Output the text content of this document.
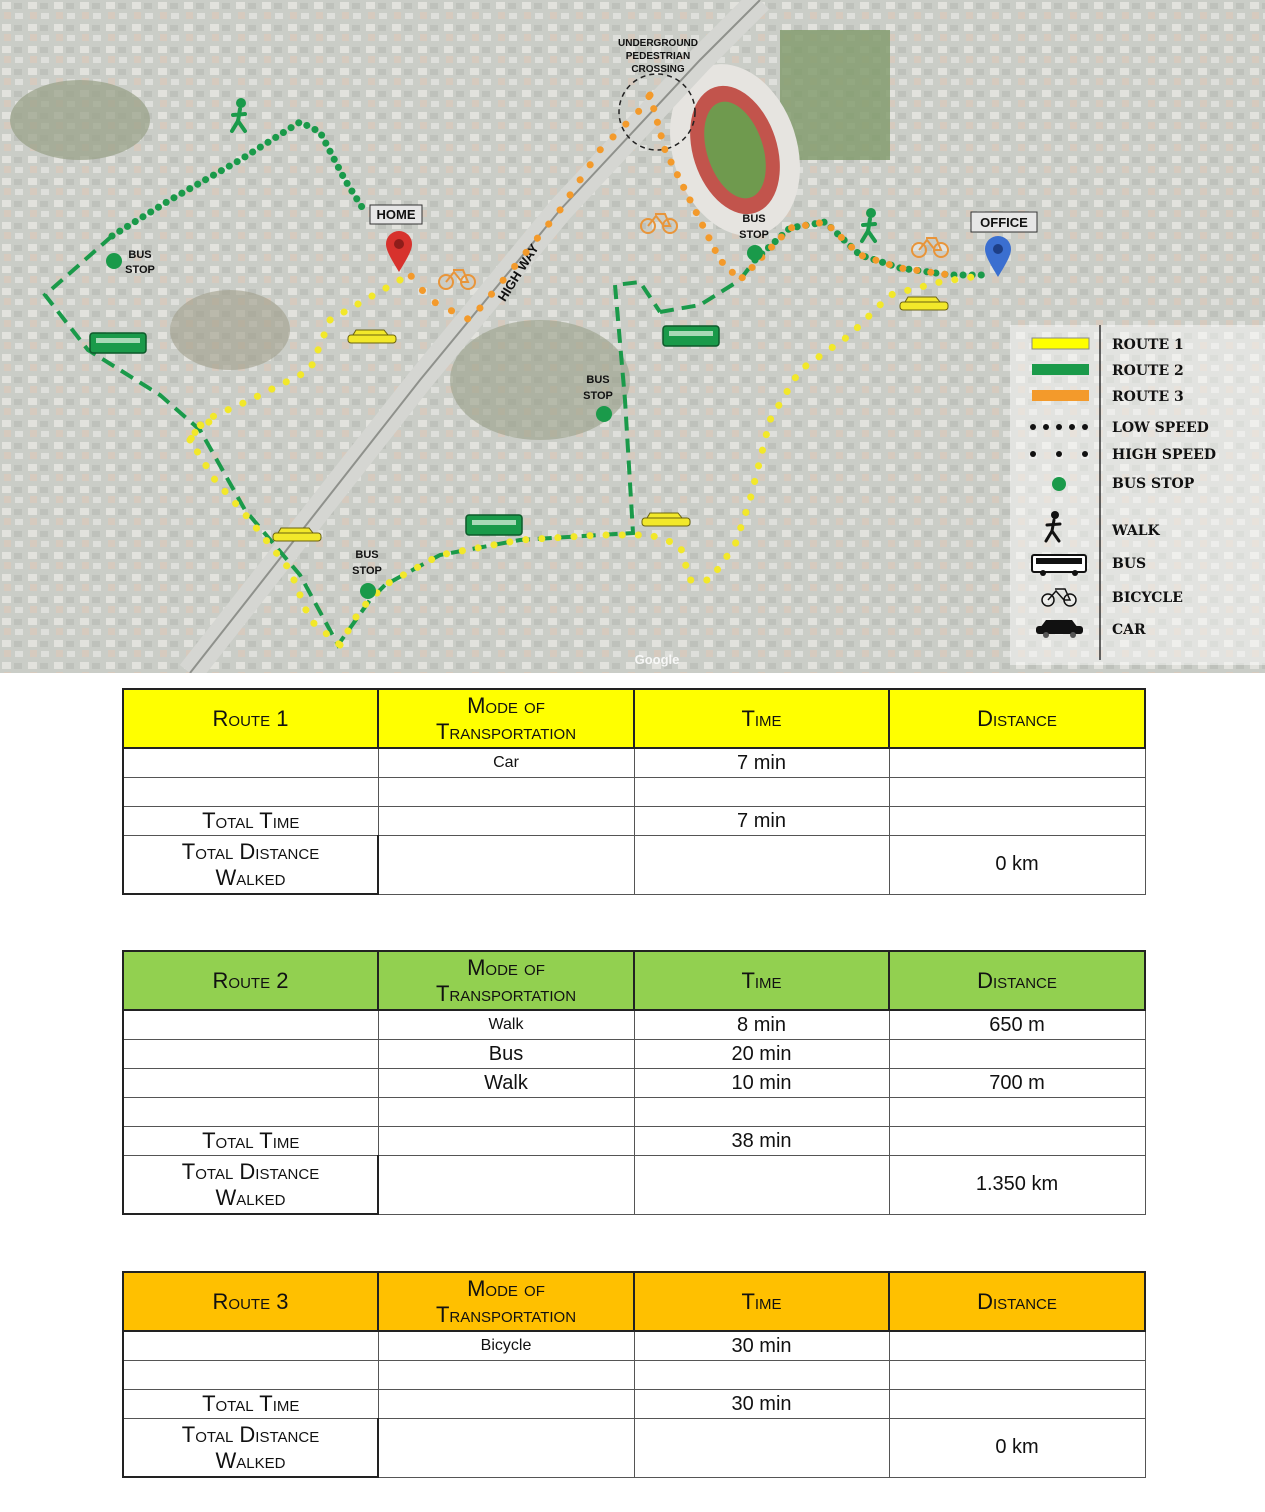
HIGH WAY
UNDERGROUND
PEDESTRIAN
CROSSING
BUS
STOP
BUS
STOP
BUS
STOP
BUS
STOP
HOME
OFFICE
Google
ROUTE 1
ROUTE 2
ROUTE 3
LOW SPEED
HIGH SPEED
BUS STOP
WALK
BUS
BICYCLE
CAR
Route 1	Mode of
Transportation	Time	Distance
	Car	7 min	

Total Time		7 min	
Total Distance
Walked			0 km
Route 2	Mode of
Transportation	Time	Distance
	Walk	8 min	650 m
	Bus	20 min	
	Walk	10 min	700 m

Total Time		38 min	
Total Distance
Walked			1.350 km
Route 3	Mode of
Transportation	Time	Distance
	Bicycle	30 min	

Total Time		30 min	
Total Distance
Walked			0 km
